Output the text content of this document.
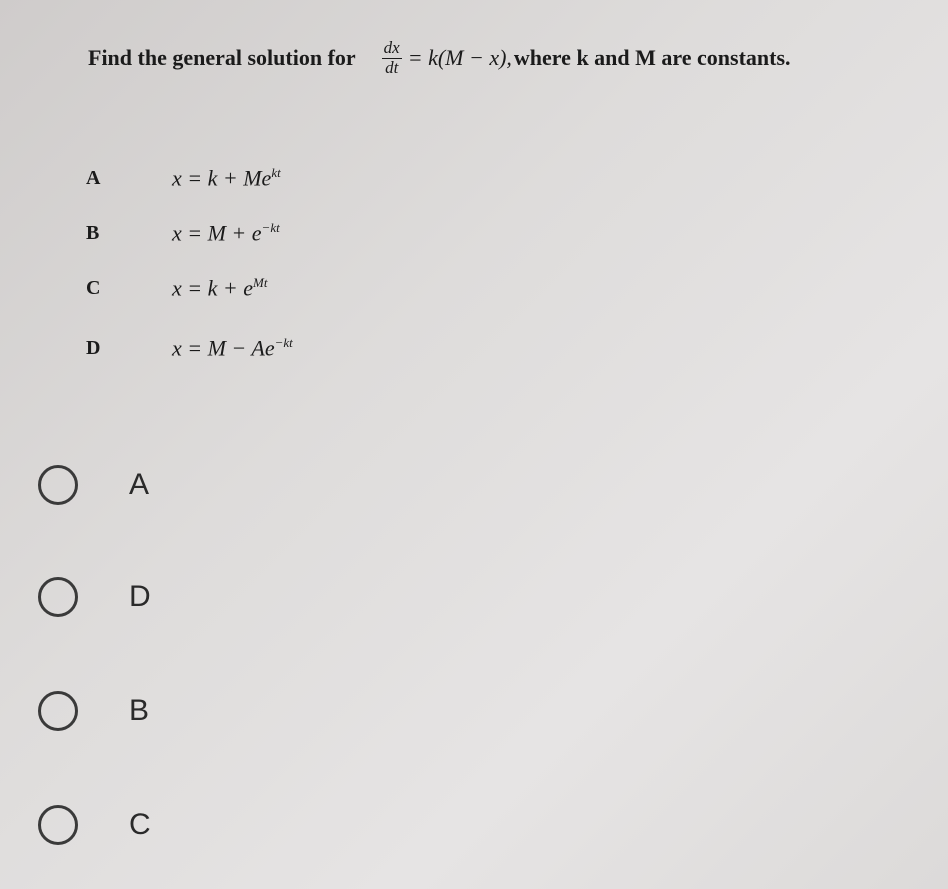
Find the general solution for $\frac{dx}{dt} = k(M - x)$, where k and M are constants.
A	$x = k + Me^{kt}$
B	$x = M + e^{-kt}$
C	$x = k + e^{Mt}$
D	$x = M - Ae^{-kt}$
A
D
B
C
